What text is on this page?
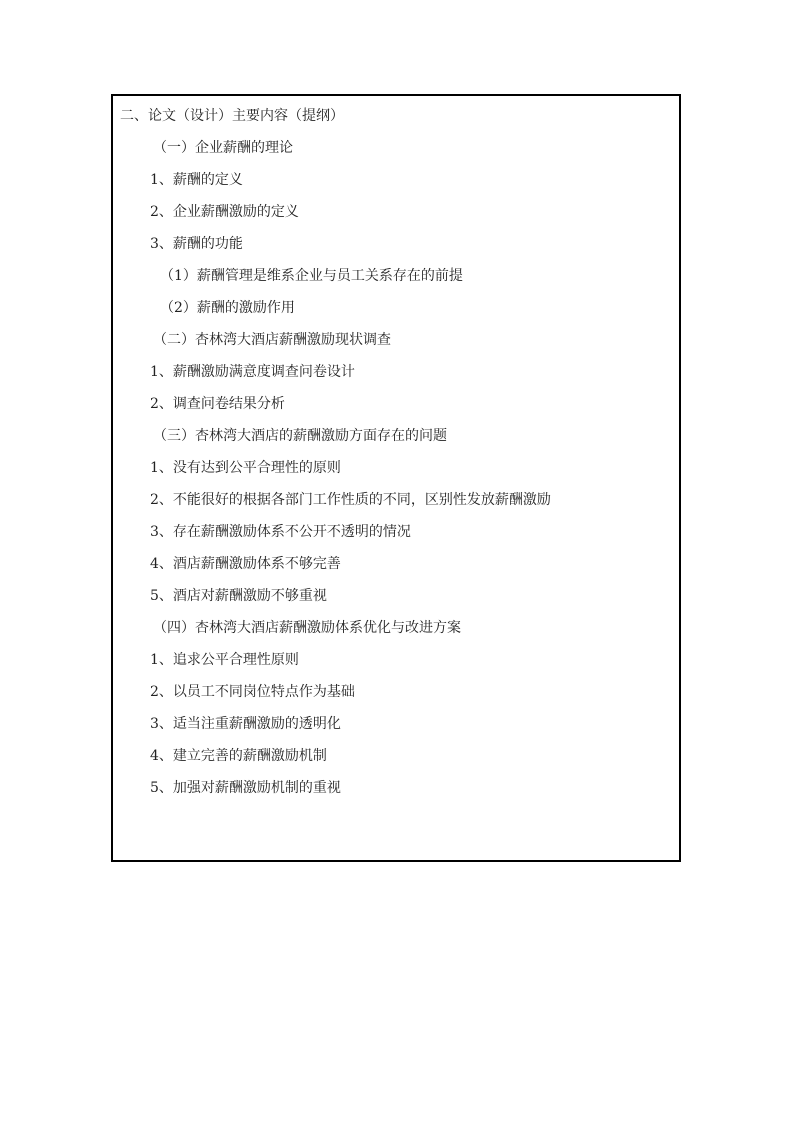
二、论文（设计）主要内容（提纲）
（一）企业薪酬的理论
1、薪酬的定义
2、企业薪酬激励的定义
3、薪酬的功能
（1）薪酬管理是维系企业与员工关系存在的前提
（2）薪酬的激励作用
（二）杏林湾大酒店薪酬激励现状调查
1、薪酬激励满意度调查问卷设计
2、调查问卷结果分析
（三）杏林湾大酒店的薪酬激励方面存在的问题
1、没有达到公平合理性的原则
2、不能很好的根据各部门工作性质的不同，区别性发放薪酬激励
3、存在薪酬激励体系不公开不透明的情况
4、酒店薪酬激励体系不够完善
5、酒店对薪酬激励不够重视
（四）杏林湾大酒店薪酬激励体系优化与改进方案
1、追求公平合理性原则
2、以员工不同岗位特点作为基础
3、适当注重薪酬激励的透明化
4、建立完善的薪酬激励机制
5、加强对薪酬激励机制的重视
